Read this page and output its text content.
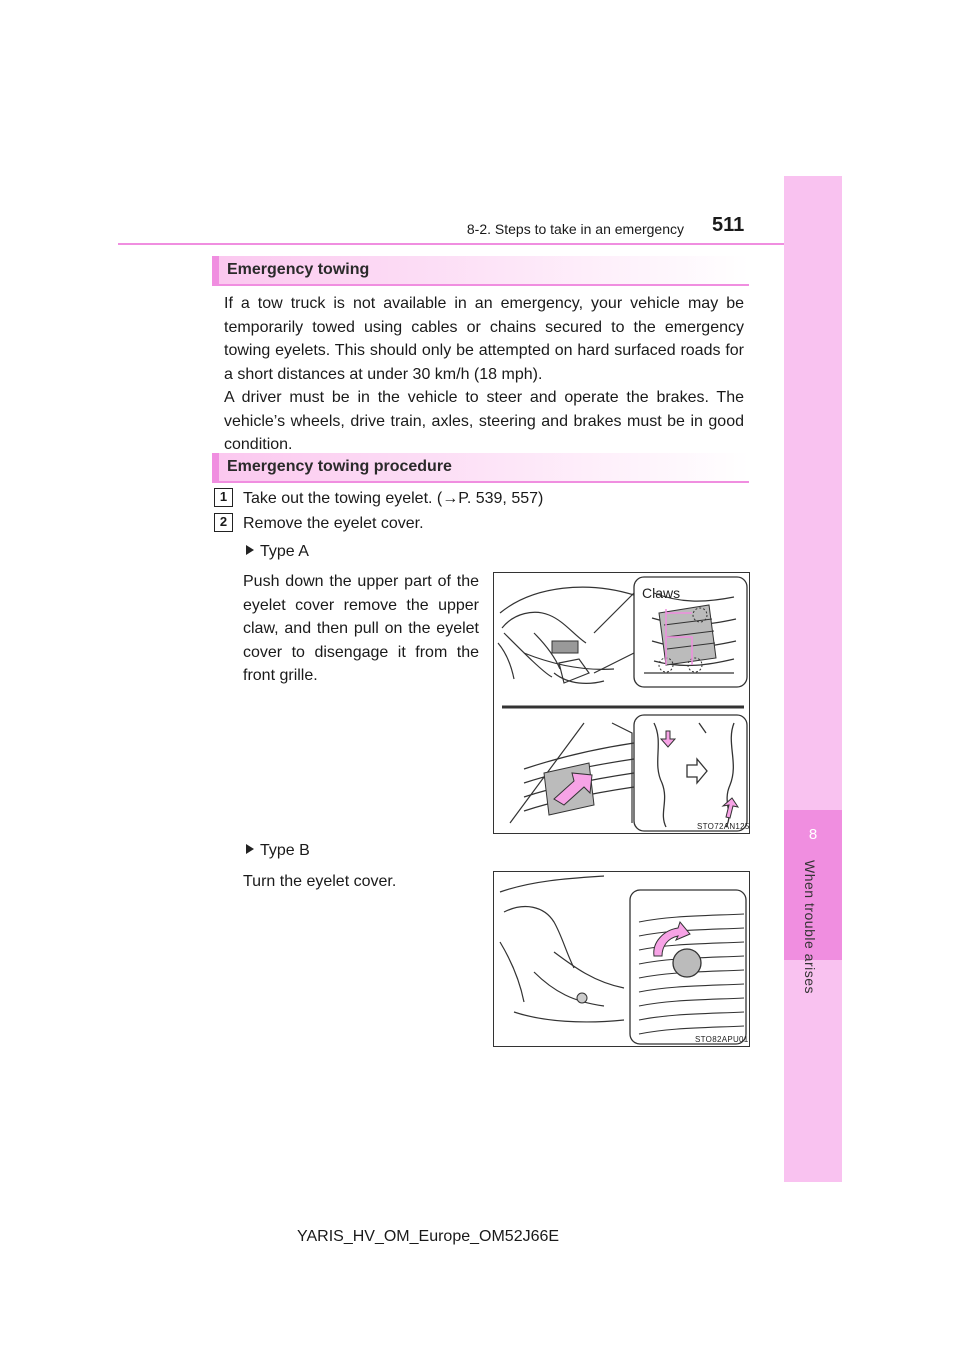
8
When trouble arises
8-2. Steps to take in an emergency 511
Emergency towing

If a tow truck is not available in an emergency, your vehicle may be temporarily towed using cables or chains secured to the emergency towing eyelets. This should only be attempted on hard surfaced roads for a short distances at under 30 km/h (18 mph).

A driver must be in the vehicle to steer and operate the brakes. The vehicle’s wheels, drive train, axles, steering and brakes must be in good condition.

Emergency towing procedure
1 Take out the towing eyelet. (→P. 539, 557)
2 Remove the eyelet cover.
Type A

Push down the upper part of the eyelet cover remove the upper claw, and then pull on the eyelet cover to disengage it from the front grille.

Claws
STO72AN125
Type B

Turn the eyelet cover.

STO82APU01
YARIS_HV_OM_Europe_OM52J66E
